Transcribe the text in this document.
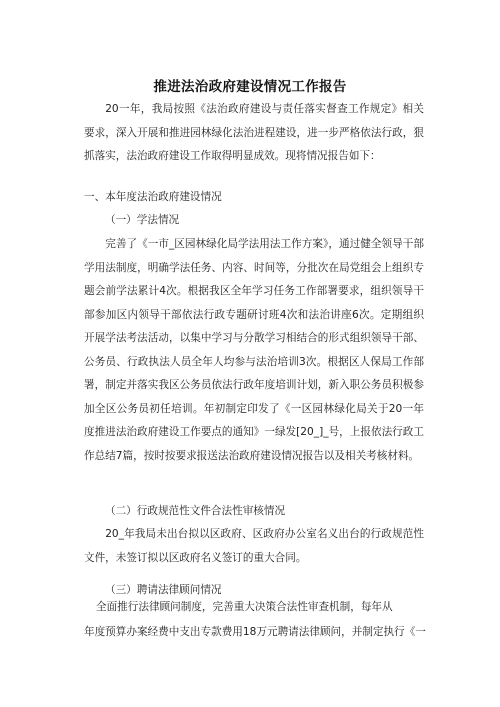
推进法治政府建设情况工作报告
20一年，我局按照《法治政府建设与责任落实督查工作规定》相关要求，深入开展和推进园林绿化法治进程建设，进一步严格依法行政，狠抓落实，法治政府建设工作取得明显成效。现将情况报告如下：
一、本年度法治政府建设情况
（一）学法情况
完善了《一市_区园林绿化局学法用法工作方案》，通过健全领导干部学用法制度，明确学法任务、内容、时间等，分批次在局党组会上组织专题会前学法累计4次。根据我区全年学习任务工作部署要求，组织领导干部参加区内领导干部依法行政专题研讨班4次和法治讲座6次。定期组织开展学法考法活动，以集中学习与分散学习相结合的形式组织领导干部、公务员、行政执法人员全年人均参与法治培训3次。根据区人保局工作部署，制定并落实我区公务员依法行政年度培训计划，新入职公务员积极参加全区公务员初任培训。年初制定印发了《一区园林绿化局关于20一年度推进法治政府建设工作要点的通知》一绿发[20_]_号，上报依法行政工作总结7篇，按时按要求报送法治政府建设情况报告以及相关考核材料。
（二）行政规范性文件合法性审核情况
20_年我局未出台拟以区政府、区政府办公室名义出台的行政规范性文件，未签订拟以区政府名义签订的重大合同。
（三）聘请法律顾问情况
全面推行法律顾问制度，完善重大决策合法性审查机制，每年从
年度预算办案经费中支出专款费用18万元聘请法律顾问，并制定执行《一
